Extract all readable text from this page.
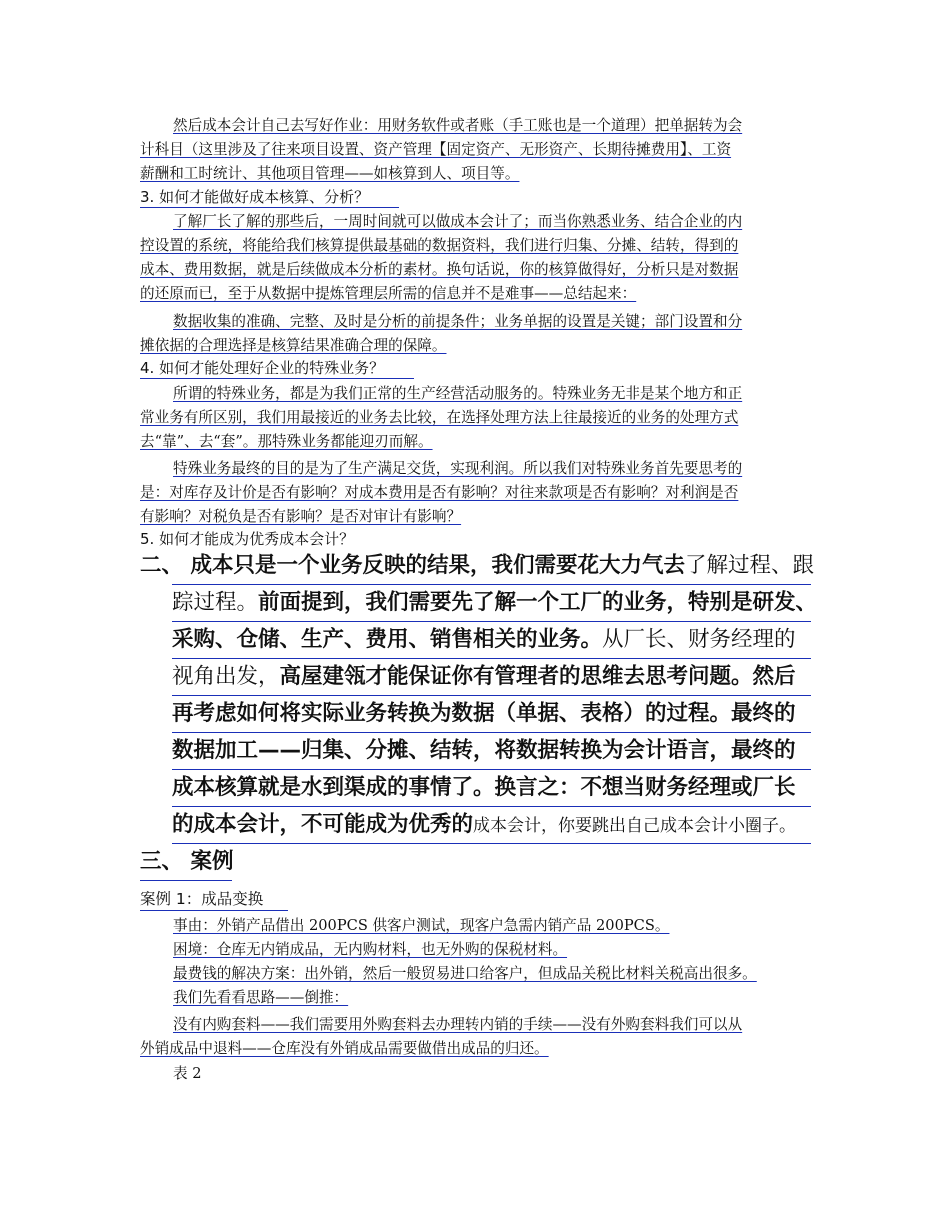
然后成本会计自己去写好作业：用财务软件或者账（手工账也是一个道理）把单据转为会
计科目（这里涉及了往来项目设置、资产管理【固定资产、无形资产、长期待摊费用】、工资
薪酬和工时统计、其他项目管理——如核算到人、项目等。
3. 如何才能做好成本核算、分析？
了解厂长了解的那些后，一周时间就可以做成本会计了；而当你熟悉业务、结合企业的内
控设置的系统，将能给我们核算提供最基础的数据资料，我们进行归集、分摊、结转，得到的
成本、费用数据，就是后续做成本分析的素材。换句话说，你的核算做得好，分析只是对数据
的还原而已，至于从数据中提炼管理层所需的信息并不是难事——总结起来：
数据收集的准确、完整、及时是分析的前提条件；业务单据的设置是关键；部门设置和分
摊依据的合理选择是核算结果准确合理的保障。
4. 如何才能处理好企业的特殊业务？
所谓的特殊业务，都是为我们正常的生产经营活动服务的。特殊业务无非是某个地方和正
常业务有所区别，我们用最接近的业务去比较，在选择处理方法上往最接近的业务的处理方式
去“靠”、去“套”。那特殊业务都能迎刃而解。
特殊业务最终的目的是为了生产满足交货，实现利润。所以我们对特殊业务首先要思考的
是：对库存及计价是否有影响？对成本费用是否有影响？对往来款项是否有影响？对利润是否
有影响？对税负是否有影响？是否对审计有影响？
5. 如何才能成为优秀成本会计？
二、 成本只是一个业务反映的结果，我们需要花大力气去了解过程、跟
踪过程。前面提到，我们需要先了解一个工厂的业务，特别是研发、
采购、仓储、生产、费用、销售相关的业务。从厂长、财务经理的
视角出发，高屋建瓴才能保证你有管理者的思维去思考问题。然后
再考虑如何将实际业务转换为数据（单据、表格）的过程。最终的
数据加工——归集、分摊、结转，将数据转换为会计语言，最终的
成本核算就是水到渠成的事情了。换言之：不想当财务经理或厂长
的成本会计，不可能成为优秀的成本会计，你要跳出自己成本会计小圈子。
三、 案例
案例 1：成品变换
事由：外销产品借出 200PCS 供客户测试，现客户急需内销产品 200PCS。
困境：仓库无内销成品，无内购材料，也无外购的保税材料。
最费钱的解决方案：出外销，然后一般贸易进口给客户，但成品关税比材料关税高出很多。
我们先看看思路——倒推：
没有内购套料——我们需要用外购套料去办理转内销的手续——没有外购套料我们可以从
外销成品中退料——仓库没有外销成品需要做借出成品的归还。
表 2
